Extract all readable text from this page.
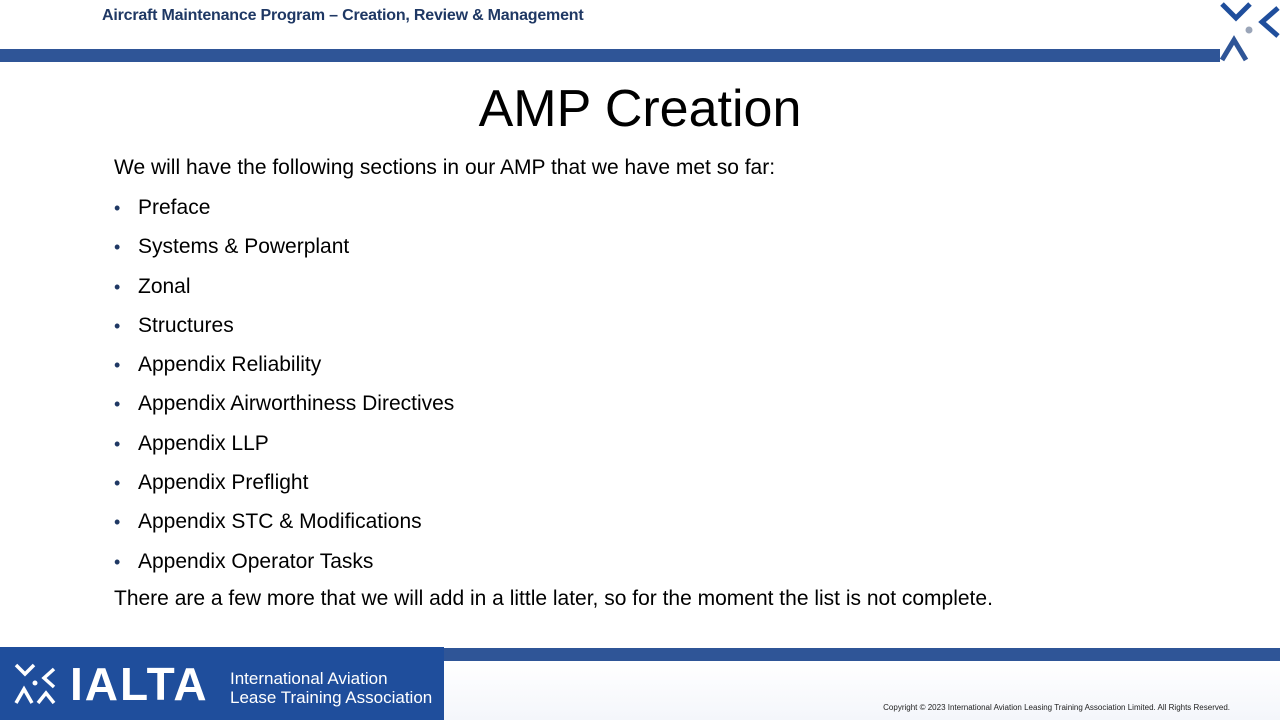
Aircraft Maintenance Program – Creation, Review & Management
AMP Creation
We will have the following sections in our AMP that we have met so far:
• Preface
• Systems & Powerplant
• Zonal
• Structures
• Appendix Reliability
• Appendix Airworthiness Directives
• Appendix LLP
• Appendix Preflight
• Appendix STC & Modifications
• Appendix Operator Tasks
There are a few more that we will add in a little later, so for the moment the list is not complete.
IALTA International Aviation
Lease Training Association
Copyright © 2023 International Aviation Leasing Training Association Limited. All Rights Reserved.
